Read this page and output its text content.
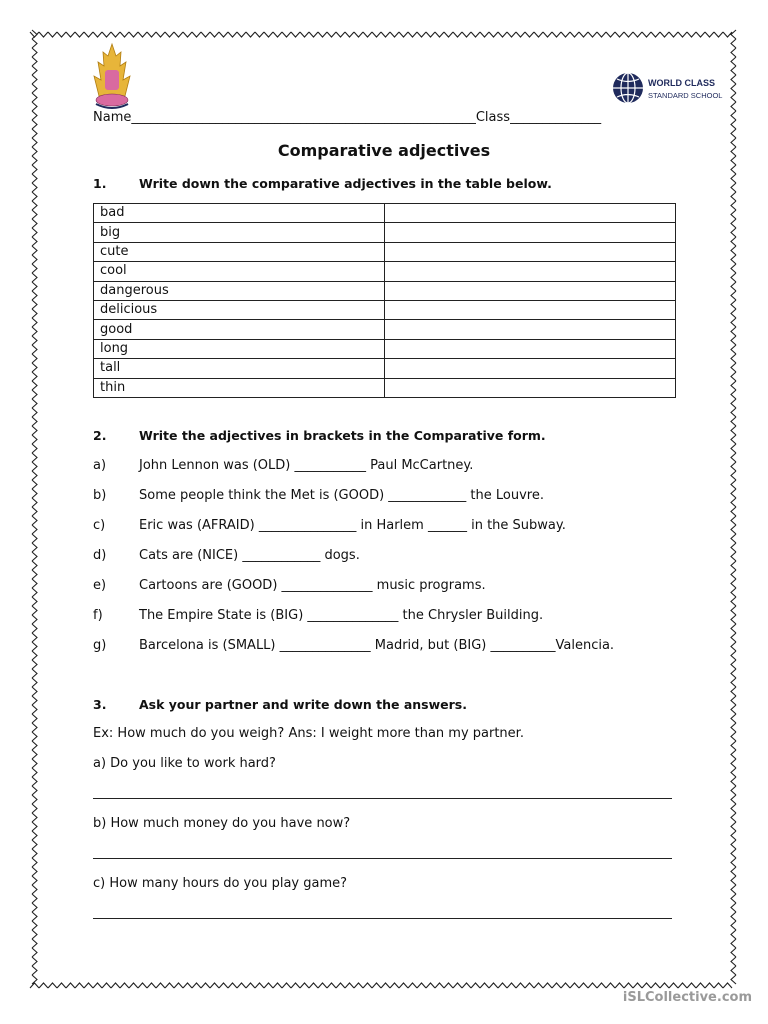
WORLD CLASS
STANDARD SCHOOL
Name_____________________________________________________Class______________
Comparative adjectives
1.	Write down the comparative adjectives in the table below.
bad	
big	
cute	
cool	
dangerous	
delicious	
good	
long	
tall	
thin	
2.	Write the adjectives in brackets in the Comparative form.
a)	John Lennon was (OLD) ___________ Paul McCartney.
b)	Some people think the Met is (GOOD) ____________ the Louvre.
c)	Eric was (AFRAID) _______________ in Harlem ______ in the Subway.
d)	Cats are (NICE) ____________ dogs.
e)	Cartoons are (GOOD) ______________ music programs.
f)	The Empire State is (BIG) ______________ the Chrysler Building.
g)	Barcelona is (SMALL) ______________ Madrid, but (BIG) __________Valencia.
3.	Ask your partner and write down the answers.
Ex: How much do you weigh? Ans: I weight more than my partner.
a) Do you like to work hard?
b) How much money do you have now?
c) How many hours do you play game?
iSLCollective.com
